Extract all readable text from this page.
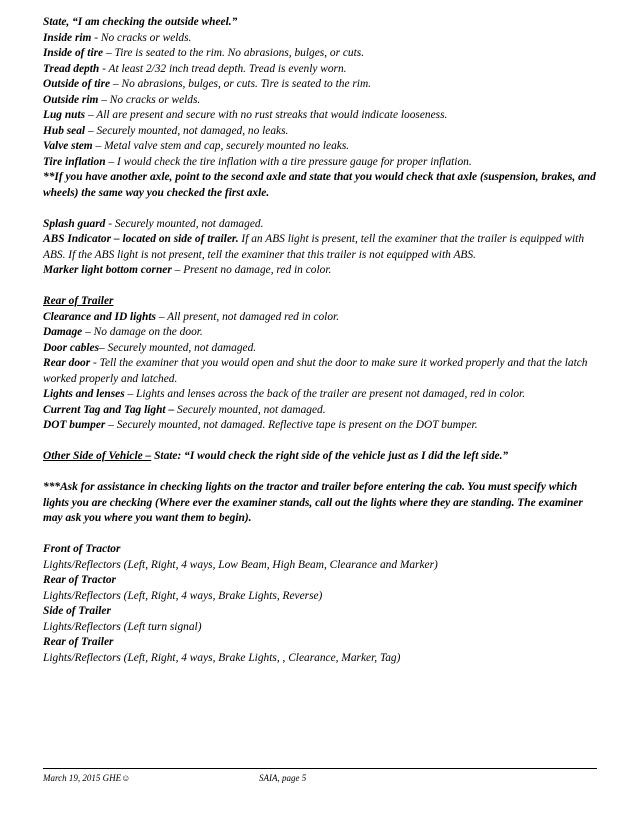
State, “I am checking the outside wheel.”

Inside rim - No cracks or welds.

Inside of tire – Tire is seated to the rim. No abrasions, bulges, or cuts.

Tread depth - At least 2/32 inch tread depth. Tread is evenly worn.

Outside of tire – No abrasions, bulges, or cuts. Tire is seated to the rim.

Outside rim – No cracks or welds.

Lug nuts – All are present and secure with no rust streaks that would indicate looseness.

Hub seal – Securely mounted, not damaged, no leaks.

Valve stem – Metal valve stem and cap, securely mounted no leaks.

Tire inflation – I would check the tire inflation with a tire pressure gauge for proper inflation.

**If you have another axle, point to the second axle and state that you would check that axle (suspension, brakes, and wheels) the same way you checked the first axle.

Splash guard - Securely mounted, not damaged.

ABS Indicator – located on side of trailer. If an ABS light is present, tell the examiner that the trailer is equipped with ABS. If the ABS light is not present, tell the examiner that this trailer is not equipped with ABS.

Marker light bottom corner – Present no damage, red in color.

Rear of Trailer

Clearance and ID lights – All present, not damaged red in color.

Damage – No damage on the door.

Door cables– Securely mounted, not damaged.

Rear door - Tell the examiner that you would open and shut the door to make sure it worked properly and that the latch worked properly and latched.

Lights and lenses – Lights and lenses across the back of the trailer are present not damaged, red in color.

Current Tag and Tag light – Securely mounted, not damaged.

DOT bumper – Securely mounted, not damaged. Reflective tape is present on the DOT bumper.

Other Side of Vehicle – State: “I would check the right side of the vehicle just as I did the left side.”

***Ask for assistance in checking lights on the tractor and trailer before entering the cab. You must specify which lights you are checking (Where ever the examiner stands, call out the lights where they are standing. The examiner may ask you where you want them to begin).

Front of Tractor

Lights/Reflectors (Left, Right, 4 ways, Low Beam, High Beam, Clearance and Marker)

Rear of Tractor

Lights/Reflectors (Left, Right, 4 ways, Brake Lights, Reverse)

Side of Trailer

Lights/Reflectors (Left turn signal)

Rear of Trailer

Lights/Reflectors (Left, Right, 4 ways, Brake Lights, , Clearance, Marker, Tag)

March 19, 2015 GHE☺	SAIA, page 5
